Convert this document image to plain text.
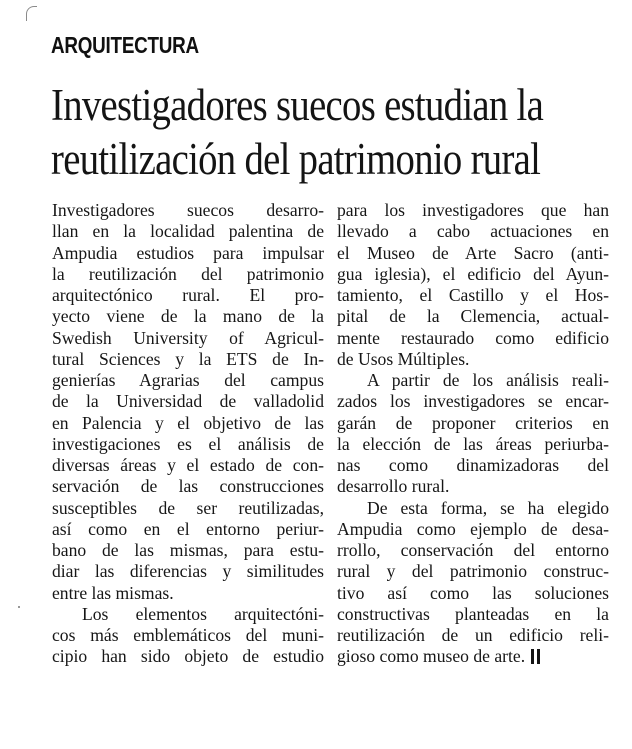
ARQUITECTURA
Investigadores suecos estudian la
reutilización del patrimonio rural
Investigadores suecos desarro-
llan en la localidad palentina de
Ampudia estudios para impulsar
la reutilización del patrimonio
arquitectónico rural. El pro-
yecto viene de la mano de la
Swedish University of Agricul-
tural Sciences y la ETS de In-
genierías Agrarias del campus
de la Universidad de valladolid
en Palencia y el objetivo de las
investigaciones es el análisis de
diversas áreas y el estado de con-
servación de las construcciones
susceptibles de ser reutilizadas,
así como en el entorno periur-
bano de las mismas, para estu-
diar las diferencias y similitudes
entre las mismas.
Los elementos arquitectóni-
cos más emblemáticos del muni-
cipio han sido objeto de estudio
para los investigadores que han
llevado a cabo actuaciones en
el Museo de Arte Sacro (anti-
gua iglesia), el edificio del Ayun-
tamiento, el Castillo y el Hos-
pital de la Clemencia, actual-
mente restaurado como edificio
de Usos Múltiples.
A partir de los análisis reali-
zados los investigadores se encar-
garán de proponer criterios en
la elección de las áreas periurba-
nas como dinamizadoras del
desarrollo rural.
De esta forma, se ha elegido
Ampudia como ejemplo de desa-
rrollo, conservación del entorno
rural y del patrimonio construc-
tivo así como las soluciones
constructivas planteadas en la
reutilización de un edificio reli-
gioso como museo de arte.
